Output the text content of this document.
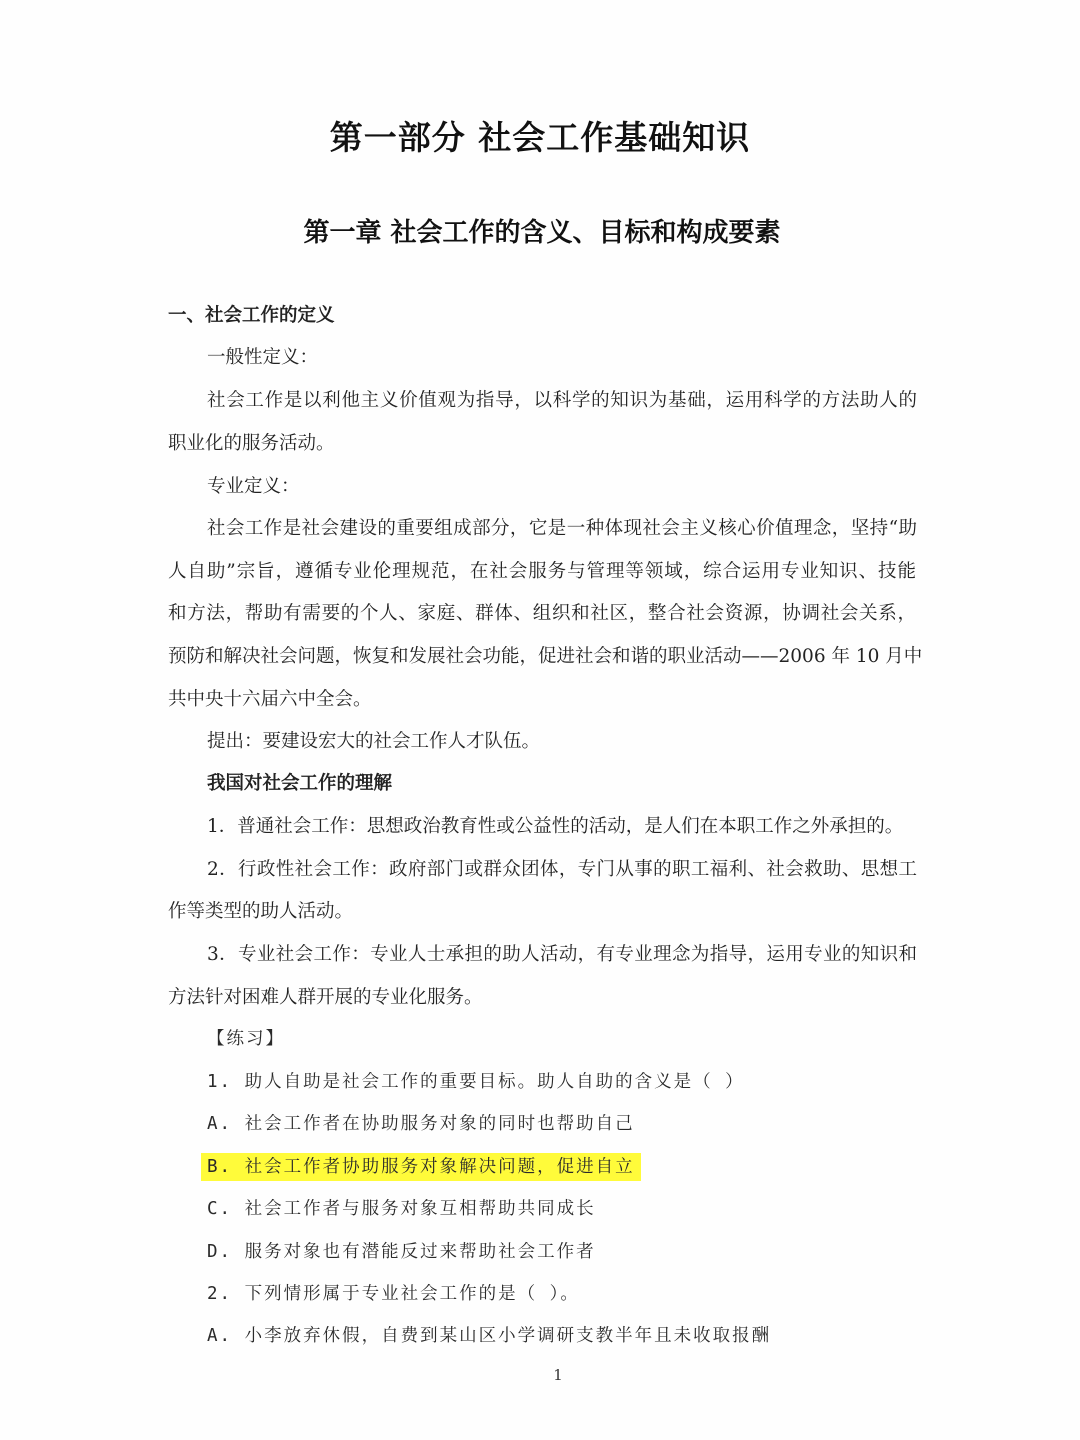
第一部分 社会工作基础知识
第一章 社会工作的含义、目标和构成要素
一、社会工作的定义
一般性定义：
社会工作是以利他主义价值观为指导，以科学的知识为基础，运用科学的方法助人的
职业化的服务活动。
专业定义：
社会工作是社会建设的重要组成部分，它是一种体现社会主义核心价值理念，坚持“助
人自助”宗旨，遵循专业伦理规范，在社会服务与管理等领域，综合运用专业知识、技能
和方法，帮助有需要的个人、家庭、群体、组织和社区，整合社会资源，协调社会关系，
预防和解决社会问题，恢复和发展社会功能，促进社会和谐的职业活动——2006 年 10 月中
共中央十六届六中全会。
提出：要建设宏大的社会工作人才队伍。
我国对社会工作的理解
1．普通社会工作：思想政治教育性或公益性的活动，是人们在本职工作之外承担的。
2．行政性社会工作：政府部门或群众团体，专门从事的职工福利、社会救助、思想工
作等类型的助人活动。
3．专业社会工作：专业人士承担的助人活动，有专业理念为指导，运用专业的知识和
方法针对困难人群开展的专业化服务。
【练习】
1. 助人自助是社会工作的重要目标。助人自助的含义是（ ）
A. 社会工作者在协助服务对象的同时也帮助自己
B. 社会工作者协助服务对象解决问题，促进自立
C. 社会工作者与服务对象互相帮助共同成长
D. 服务对象也有潜能反过来帮助社会工作者
2. 下列情形属于专业社会工作的是（ ）。
A. 小李放弃休假，自费到某山区小学调研支教半年且未收取报酬
1
